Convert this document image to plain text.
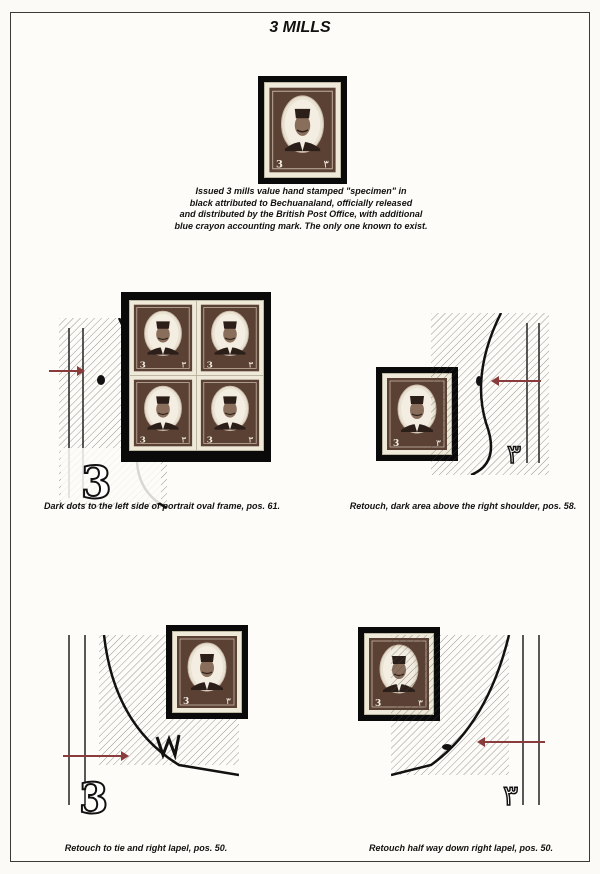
3 MILLS
3	٣
Issued 3 mills value hand stamped "specimen" in
black attributed to Bechuanaland, officially released
and distributed by the British Post Office, with additional
blue crayon accounting mark. The only one known to exist.
3
3	٣ 3	٣
3	٣ 3	٣
Dark dots to the left side of portrait oval frame, pos. 61.
3	٣
Retouch, dark area above the right shoulder, pos. 58.
3
3	٣
Retouch to tie and right lapel, pos. 50.
3
٣
Retouch half way down right lapel, pos. 50.
